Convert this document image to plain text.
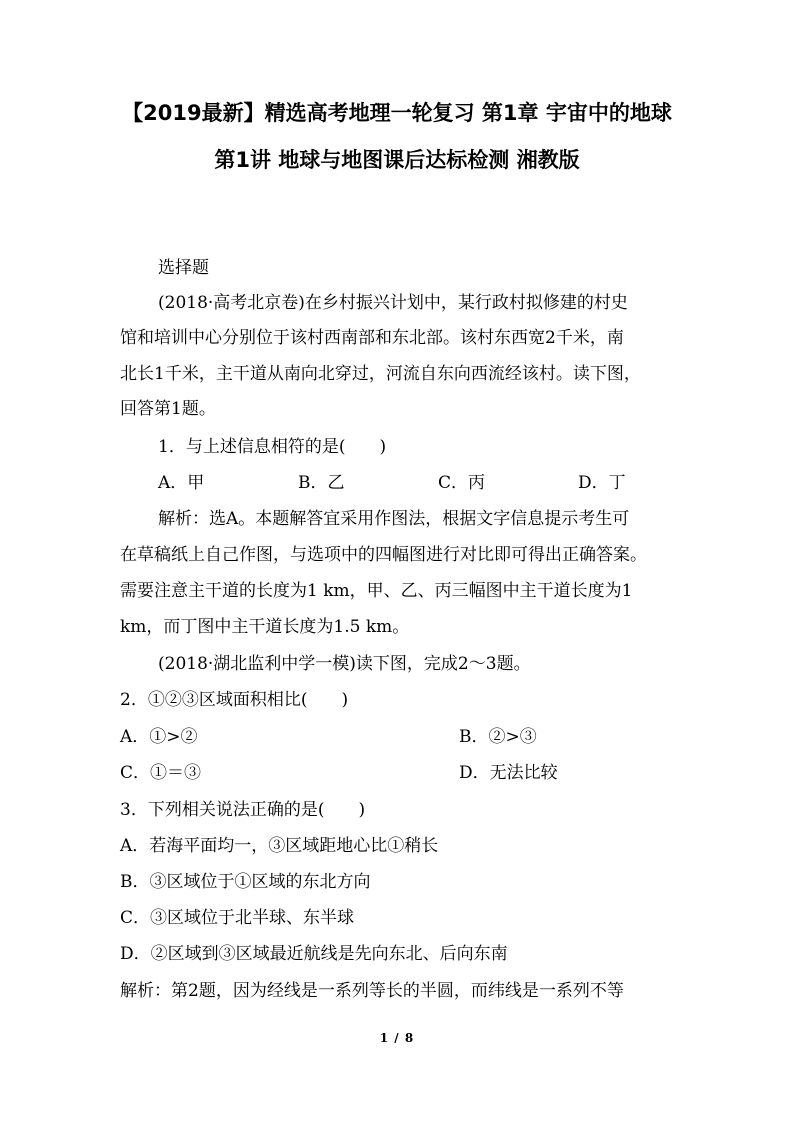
【2019最新】精选高考地理一轮复习 第1章 宇宙中的地球
第1讲 地球与地图课后达标检测 湘教版
选择题
(2018·高考北京卷)在乡村振兴计划中，某行政村拟修建的村史
馆和培训中心分别位于该村西南部和东北部。该村东西宽2千米，南
北长1千米，主干道从南向北穿过，河流自东向西流经该村。读下图，
回答第1题。
1．与上述信息相符的是(　　)
A．甲	B．乙	C．丙	D．丁
解析：选A。本题解答宜采用作图法，根据文字信息提示考生可
在草稿纸上自己作图，与选项中的四幅图进行对比即可得出正确答案。
需要注意主干道的长度为1 km，甲、乙、丙三幅图中主干道长度为1
km，而丁图中主干道长度为1.5 km。
(2018·湖北监利中学一模)读下图，完成2～3题。
2．①②③区域面积相比(　　)
A．①>②	B．②>③
C．①＝③	D．无法比较
3．下列相关说法正确的是(　　)
A．若海平面均一，③区域距地心比①稍长
B．③区域位于①区域的东北方向
C．③区域位于北半球、东半球
D．②区域到③区域最近航线是先向东北、后向东南
解析：第2题，因为经线是一系列等长的半圆，而纬线是一系列不等
1 / 8
